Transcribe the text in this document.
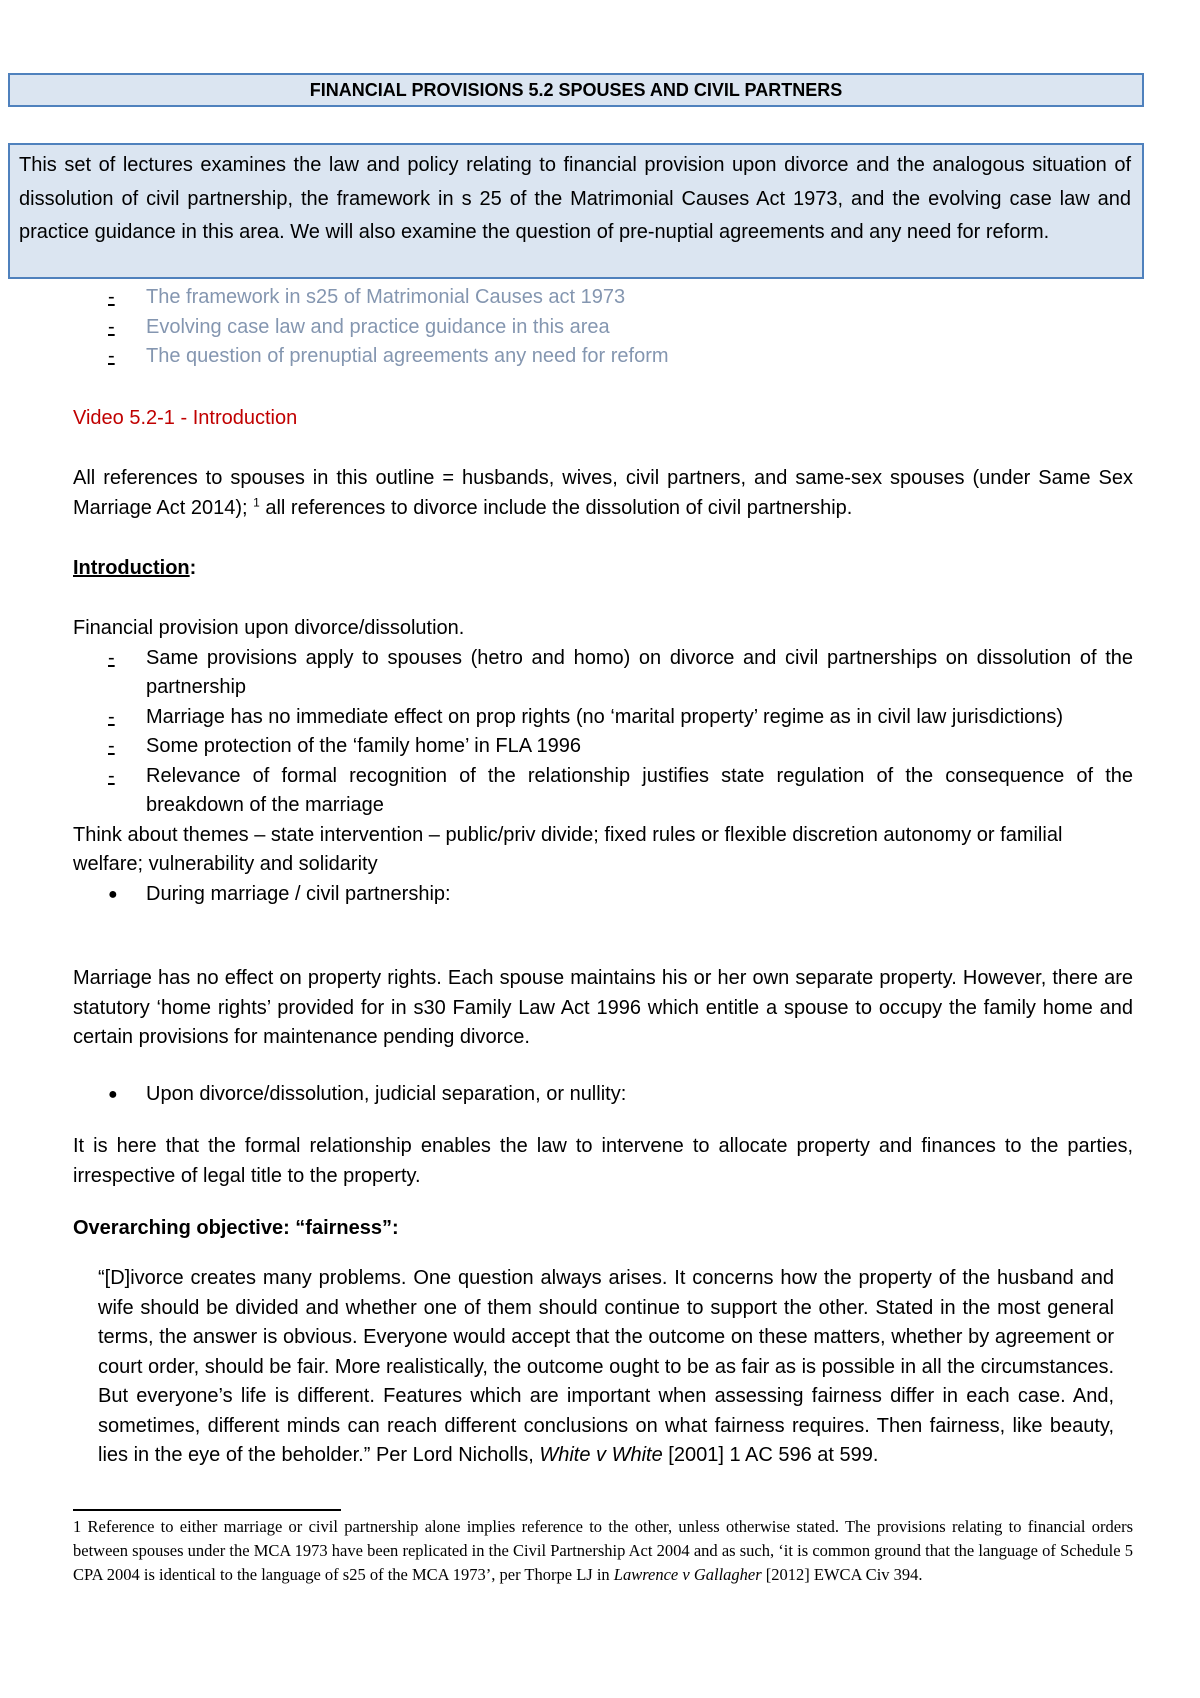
FINANCIAL PROVISIONS 5.2 SPOUSES AND CIVIL PARTNERS
This set of lectures examines the law and policy relating to financial provision upon divorce and the analogous situation of dissolution of civil partnership, the framework in s 25 of the Matrimonial Causes Act 1973, and the evolving case law and practice guidance in this area. We will also examine the question of pre-nuptial agreements and any need for reform.
-	The framework in s25 of Matrimonial Causes act 1973
-	Evolving case law and practice guidance in this area
-	The question of prenuptial agreements any need for reform
Video 5.2-1 - Introduction
All references to spouses in this outline = husbands, wives, civil partners, and same-sex spouses (under Same Sex Marriage Act 2014); $^1$ all references to divorce include the dissolution of civil partnership.
Introduction:
Financial provision upon divorce/dissolution.
-	Same provisions apply to spouses (hetro and homo) on divorce and civil partnerships on dissolution of the partnership
-	Marriage has no immediate effect on prop rights (no ‘marital property’ regime as in civil law jurisdictions)
-	Some protection of the ‘family home’ in FLA 1996
-	Relevance of formal recognition of the relationship justifies state regulation of the consequence of the breakdown of the marriage
Think about themes – state intervention – public/priv divide; fixed rules or flexible discretion autonomy or familial welfare; vulnerability and solidarity
●	During marriage / civil partnership:
Marriage has no effect on property rights. Each spouse maintains his or her own separate property. However, there are statutory ‘home rights’ provided for in s30 Family Law Act 1996 which entitle a spouse to occupy the family home and certain provisions for maintenance pending divorce.
●	Upon divorce/dissolution, judicial separation, or nullity:
It is here that the formal relationship enables the law to intervene to allocate property and finances to the parties, irrespective of legal title to the property.
Overarching objective: “fairness”:
“[D]ivorce creates many problems. One question always arises. It concerns how the property of the husband and wife should be divided and whether one of them should continue to support the other. Stated in the most general terms, the answer is obvious. Everyone would accept that the outcome on these matters, whether by agreement or court order, should be fair. More realistically, the outcome ought to be as fair as is possible in all the circumstances. But everyone’s life is different. Features which are important when assessing fairness differ in each case. And, sometimes, different minds can reach different conclusions on what fairness requires. Then fairness, like beauty, lies in the eye of the beholder.” Per Lord Nicholls, White v White [2001] 1 AC 596 at 599.
1 Reference to either marriage or civil partnership alone implies reference to the other, unless otherwise stated. The provisions relating to financial orders between spouses under the MCA 1973 have been replicated in the Civil Partnership Act 2004 and as such, ‘it is common ground that the language of Schedule 5 CPA 2004 is identical to the language of s25 of the MCA 1973’, per Thorpe LJ in Lawrence v Gallagher [2012] EWCA Civ 394.
